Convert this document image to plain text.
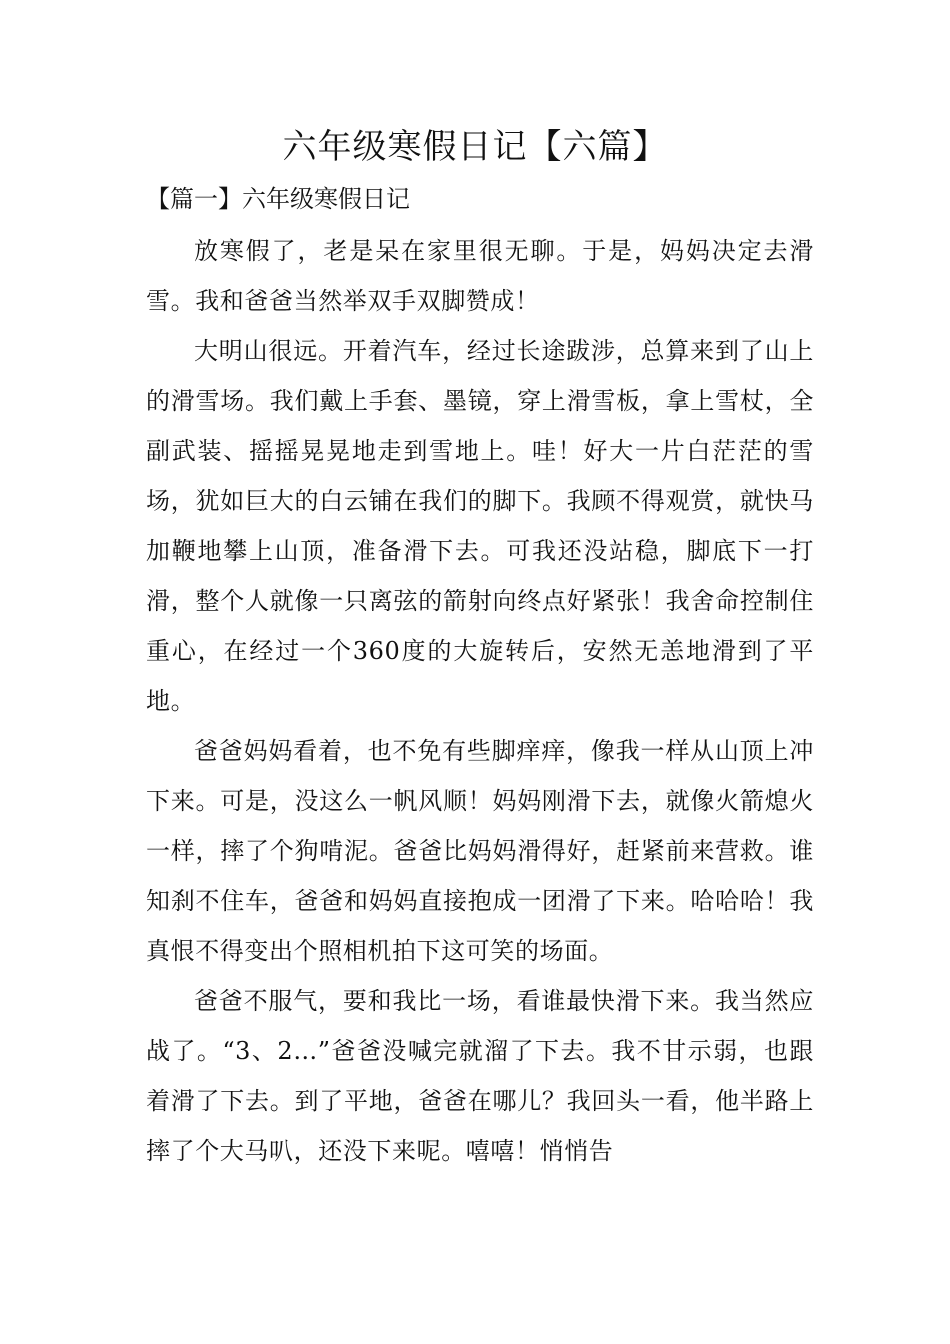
六年级寒假日记【六篇】

【篇一】六年级寒假日记

放寒假了，老是呆在家里很无聊。于是，妈妈决定去滑雪。我和爸爸当然举双手双脚赞成！

大明山很远。开着汽车，经过长途跋涉，总算来到了山上的滑雪场。我们戴上手套、墨镜，穿上滑雪板，拿上雪杖，全副武装、摇摇晃晃地走到雪地上。哇！好大一片白茫茫的雪场，犹如巨大的白云铺在我们的脚下。我顾不得观赏，就快马加鞭地攀上山顶，准备滑下去。可我还没站稳，脚底下一打滑，整个人就像一只离弦的箭射向终点好紧张！我舍命控制住重心，在经过一个360度的大旋转后，安然无恙地滑到了平地。

爸爸妈妈看着，也不免有些脚痒痒，像我一样从山顶上冲下来。可是，没这么一帆风顺！妈妈刚滑下去，就像火箭熄火一样，摔了个狗啃泥。爸爸比妈妈滑得好，赶紧前来营救。谁知刹不住车，爸爸和妈妈直接抱成一团滑了下来。哈哈哈！我真恨不得变出个照相机拍下这可笑的场面。

爸爸不服气，要和我比一场，看谁最快滑下来。我当然应战了。“3、2…”爸爸没喊完就溜了下去。我不甘示弱，也跟着滑了下去。到了平地，爸爸在哪儿？我回头一看，他半路上摔了个大马叭，还没下来呢。嘻嘻！悄悄告
